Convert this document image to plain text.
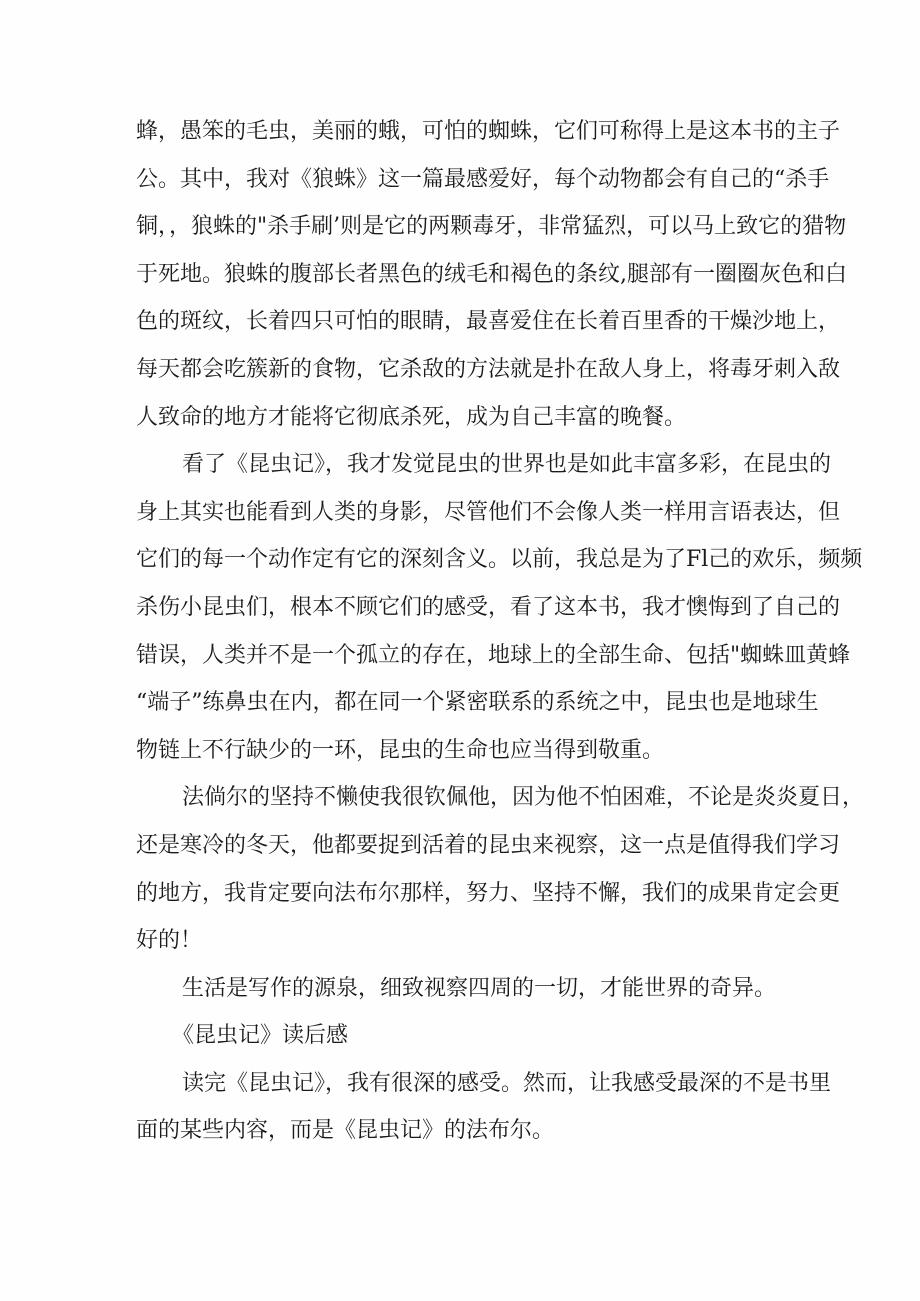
蜂，愚笨的毛虫，美丽的蛾，可怕的蜘蛛，它们可称得上是这本书的主子
公。其中，我对《狼蛛》这一篇最感爱好，每个动物都会有自己的“杀手
铜，，狼蛛的"杀手刷’则是它的两颗毒牙，非常猛烈，可以马上致它的猎物
于死地。狼蛛的腹部长者黑色的绒毛和褐色的条纹,腿部有一圈圈灰色和白
色的斑纹，长着四只可怕的眼睛，最喜爱住在长着百里香的干燥沙地上，
每天都会吃簇新的食物，它杀敌的方法就是扑在敌人身上，将毒牙刺入敌
人致命的地方才能将它彻底杀死，成为自己丰富的晚餐。
看了《昆虫记》，我才发觉昆虫的世界也是如此丰富多彩，在昆虫的
身上其实也能看到人类的身影，尽管他们不会像人类一样用言语表达，但
它们的每一个动作定有它的深刻含义。以前，我总是为了Fl己的欢乐，频频
杀伤小昆虫们，根本不顾它们的感受，看了这本书，我才懊悔到了自己的
错误，人类并不是一个孤立的存在，地球上的全部生命、包括"蜘蛛皿黄蜂
“端子”练鼻虫在内，都在同一个紧密联系的系统之中，昆虫也是地球生
物链上不行缺少的一环，昆虫的生命也应当得到敬重。
法倘尔的坚持不懒使我很钦佩他，因为他不怕困难，不论是炎炎夏日，
还是寒冷的冬天，他都要捉到活着的昆虫来视察，这一点是值得我们学习
的地方，我肯定要向法布尔那样，努力、坚持不懈，我们的成果肯定会更
好的！
生活是写作的源泉，细致视察四周的一切，才能世界的奇异。
《昆虫记》读后感
读完《昆虫记》，我有很深的感受。然而，让我感受最深的不是书里
面的某些内容，而是《昆虫记》的法布尔。
